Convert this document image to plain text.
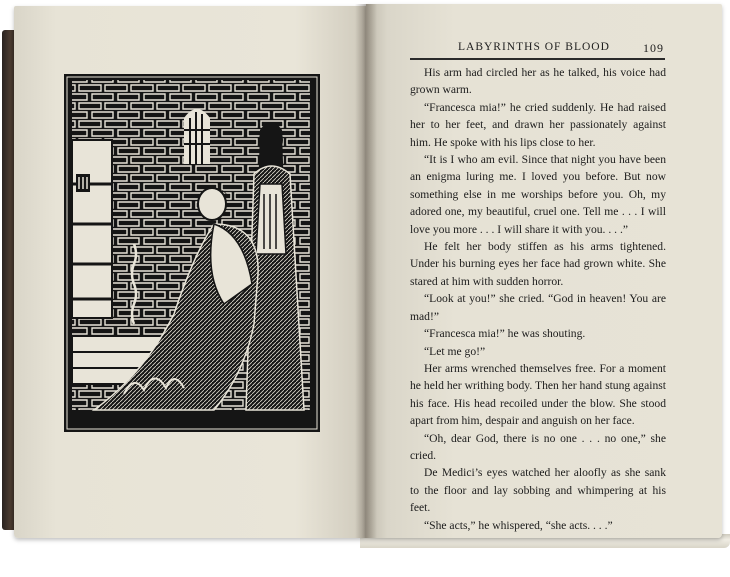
LABYRINTHS OF BLOOD	109

His arm had circled her as he talked, his voice had grown warm.

“Francesca mia!” he cried suddenly. He had raised her to her feet, and drawn her passionately against him. He spoke with his lips close to her.

“It is I who am evil. Since that night you have been an enigma luring me. I loved you before. But now something else in me worships before you. Oh, my adored one, my beautiful, cruel one. Tell me . . . I will love you more . . . I will share it with you. . . .”

He felt her body stiffen as his arms tightened. Under his burning eyes her face had grown white. She stared at him with sudden horror.

“Look at you!” she cried. “God in heaven! You are mad!”

“Francesca mia!” he was shouting.

“Let me go!”

Her arms wrenched themselves free. For a moment he held her writhing body. Then her hand stung against his face. His head recoiled under the blow. She stood apart from him, despair and anguish on her face.

“Oh, dear God, there is no one . . . no one,” she cried.

De Medici’s eyes watched her aloofly as she sank to the floor and lay sobbing and whimpering at his feet.

“She acts,” he whispered, “she acts. . . .”
